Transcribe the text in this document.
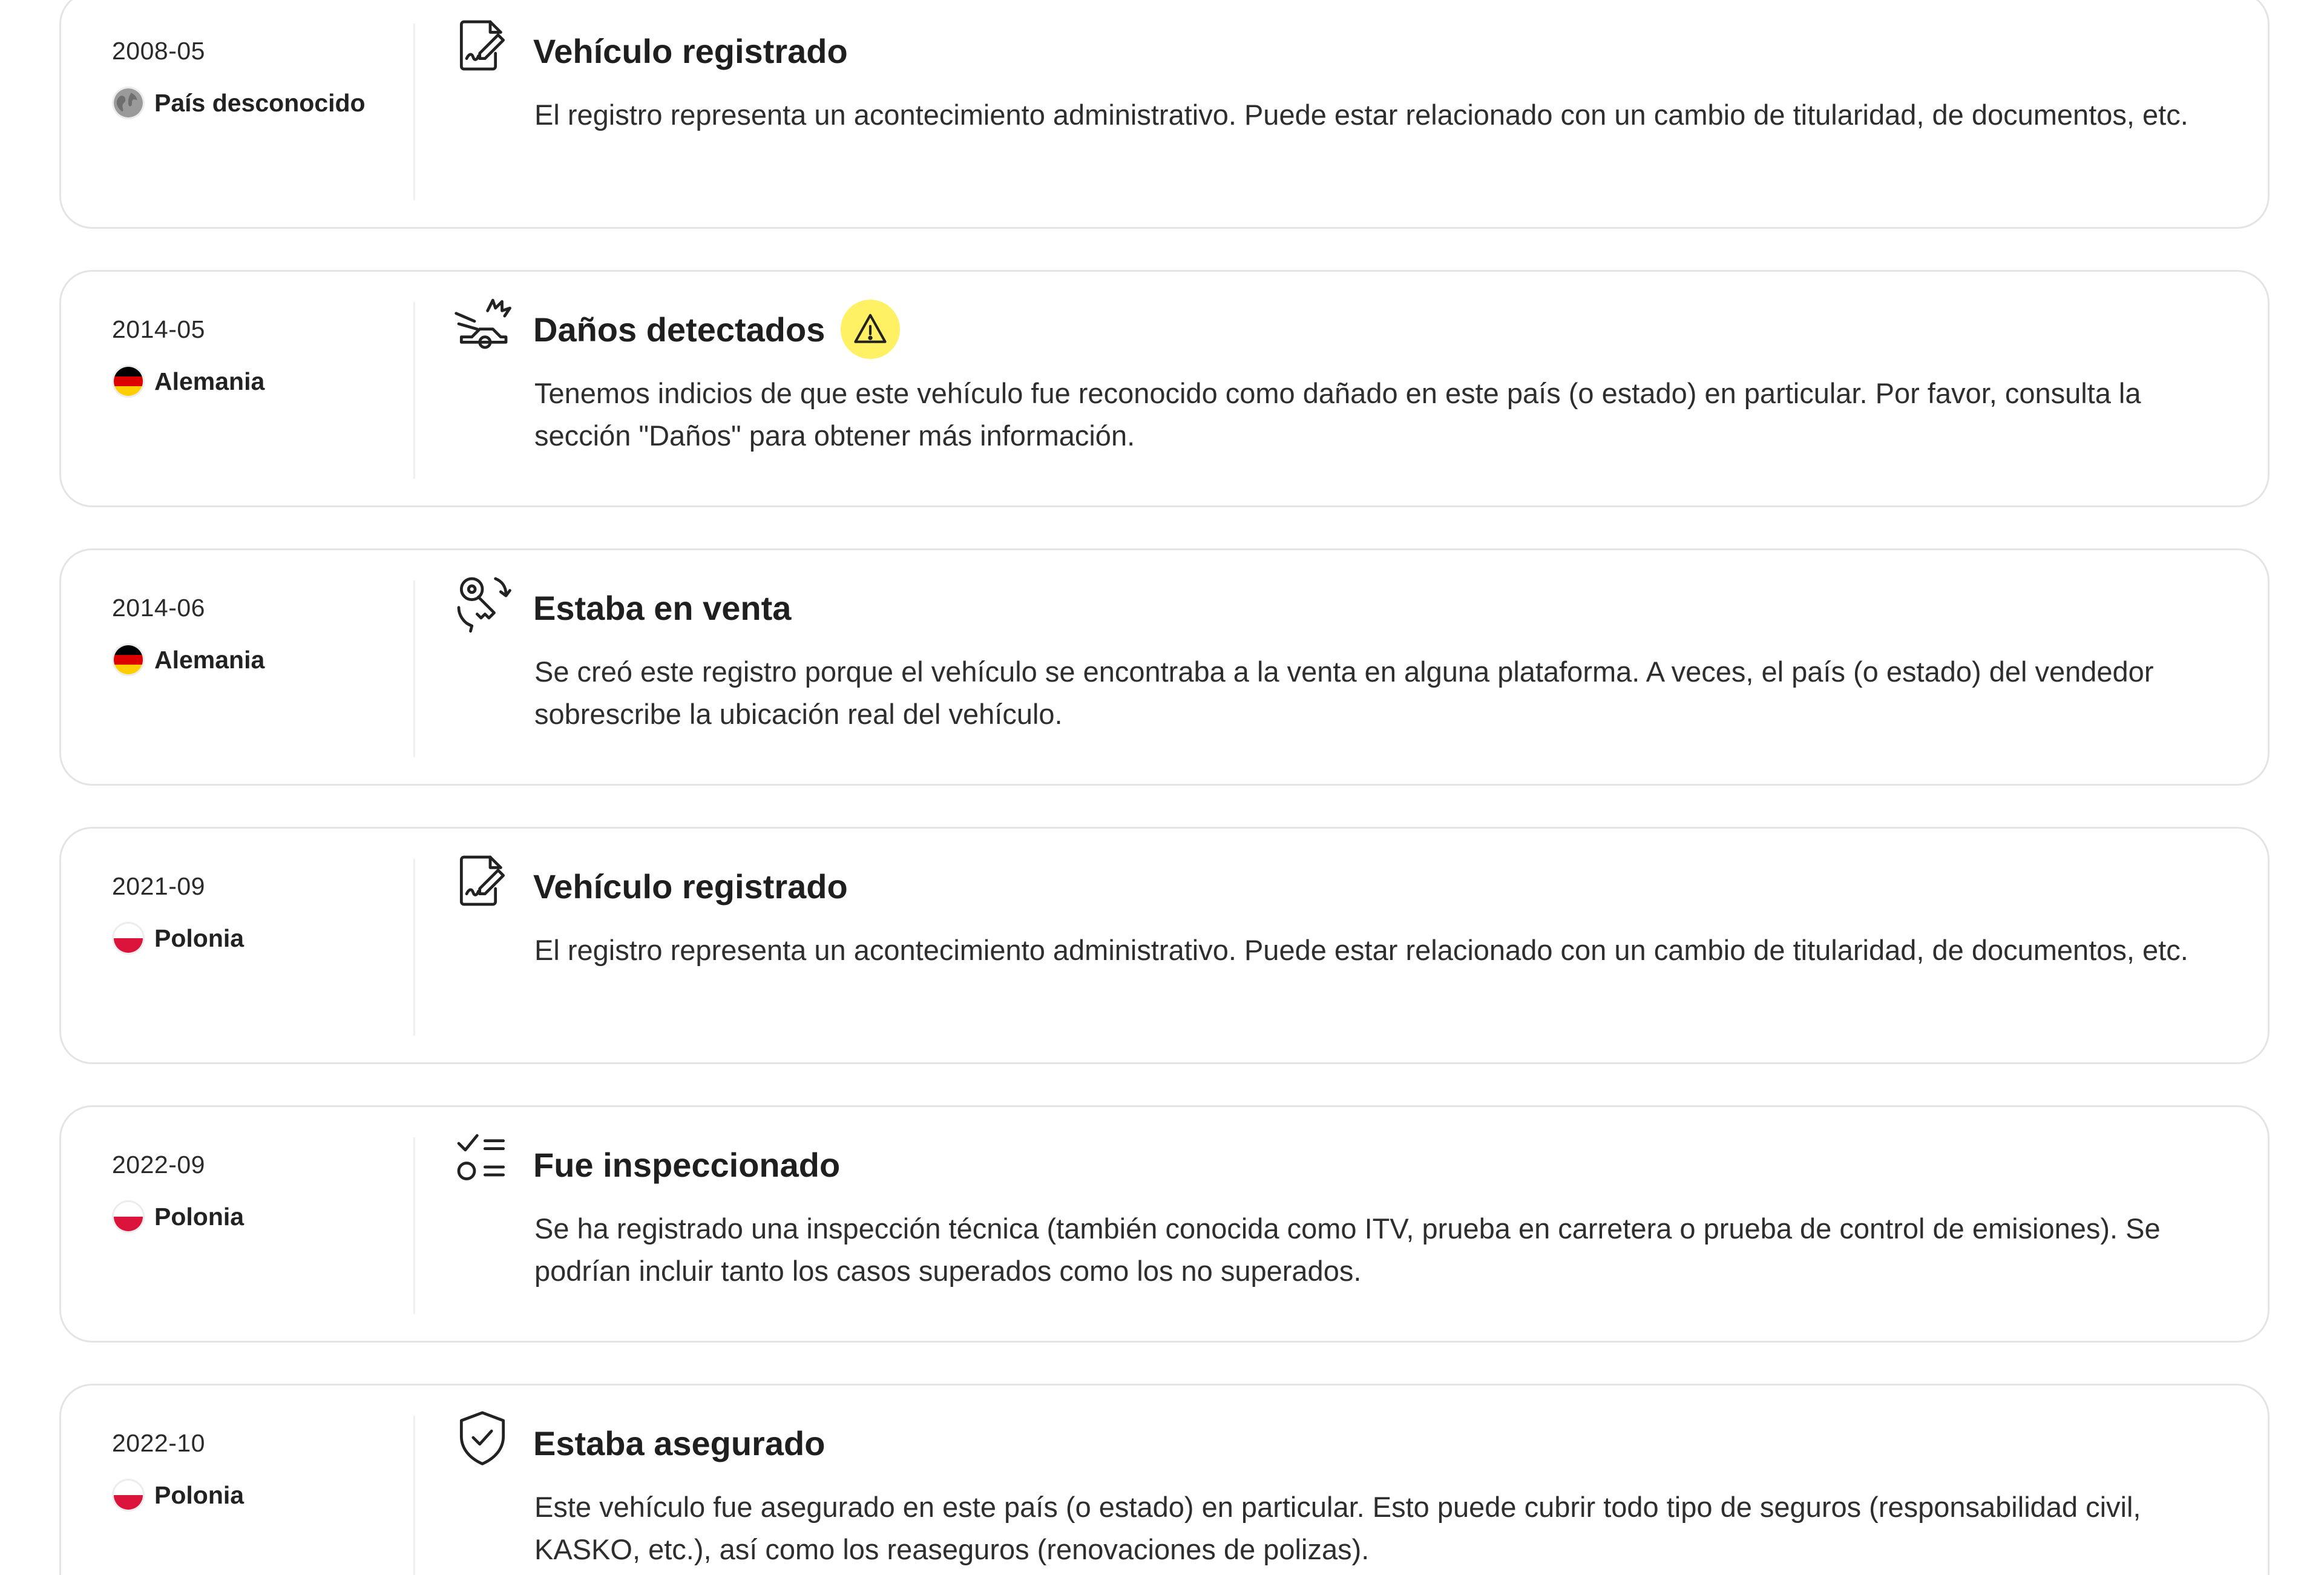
2008-05
País desconocido
Vehículo registrado
El registro representa un acontecimiento administrativo. Puede estar relacionado con un cambio de titularidad, de documentos, etc.
2014-05
Alemania
Daños detectados
Tenemos indicios de que este vehículo fue reconocido como dañado en este país (o estado) en particular. Por favor, consulta la sección "Daños" para obtener más información.
2014-06
Alemania
Estaba en venta
Se creó este registro porque el vehículo se encontraba a la venta en alguna plataforma. A veces, el país (o estado) del vendedor sobrescribe la ubicación real del vehículo.
2021-09
Polonia
Vehículo registrado
El registro representa un acontecimiento administrativo. Puede estar relacionado con un cambio de titularidad, de documentos, etc.
2022-09
Polonia
Fue inspeccionado
Se ha registrado una inspección técnica (también conocida como ITV, prueba en carretera o prueba de control de emisiones). Se podrían incluir tanto los casos superados como los no superados.
2022-10
Polonia
Estaba asegurado
Este vehículo fue asegurado en este país (o estado) en particular. Esto puede cubrir todo tipo de seguros (responsabilidad civil, KASKO, etc.), así como los reaseguros (renovaciones de polizas).
